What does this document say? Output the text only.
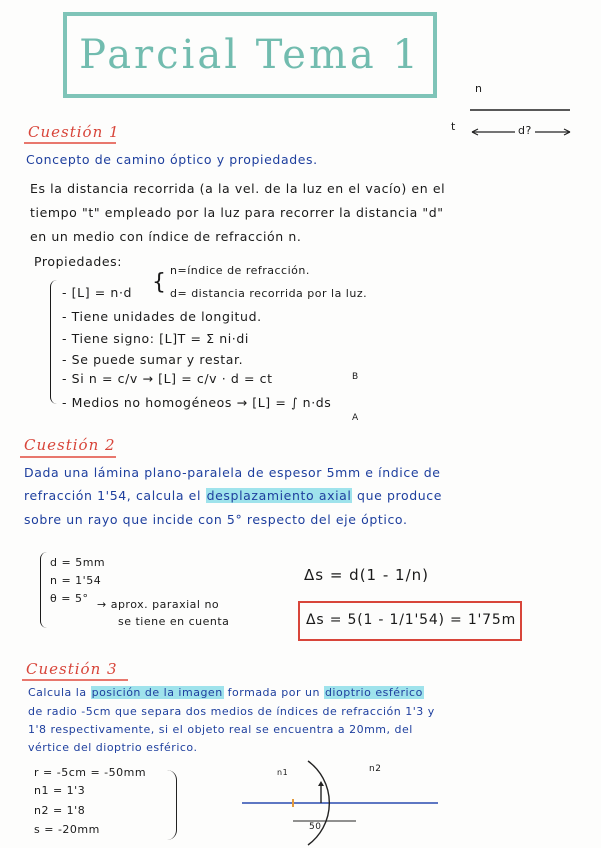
Parcial Tema 1
n
t	d?
Cuestión 1
Concepto de camino óptico y propiedades.
Es la distancia recorrida (a la vel. de la luz en el vacío) en el
tiempo "t" empleado por la luz para recorrer la distancia "d"
en un medio con índice de refracción n.
Propiedades:
n=índice de refracción.
d= distancia recorrida por la luz.
{
- [L] = n·d
- Tiene unidades de longitud.
- Tiene signo: [L]T = Σ ni·di
- Se puede sumar y restar.
- Si n = c/v → [L] = c/v · d = ct
- Medios no homogéneos → [L] = ∫ n·ds
B
A
Cuestión 2
Dada una lámina plano-paralela de espesor 5mm e índice de
refracción 1'54, calcula el desplazamiento axial que produce
sobre un rayo que incide con 5° respecto del eje óptico.
d = 5mm
n = 1'54
θ = 5° → aprox. paraxial no
se tiene en cuenta
Δs = d(1 - 1/n)
Δs = 5(1 - 1/1'54) = 1'75m
Cuestión 3
Calcula la posición de la imagen formada por un dioptrio esférico
de radio -5cm que separa dos medios de índices de refracción 1'3 y
1'8 respectivamente, si el objeto real se encuentra a 20mm, del
vértice del dioptrio esférico.
r = -5cm = -50mm
n1 = 1'3
n2 = 1'8
s = -20mm
n1	n2
50
